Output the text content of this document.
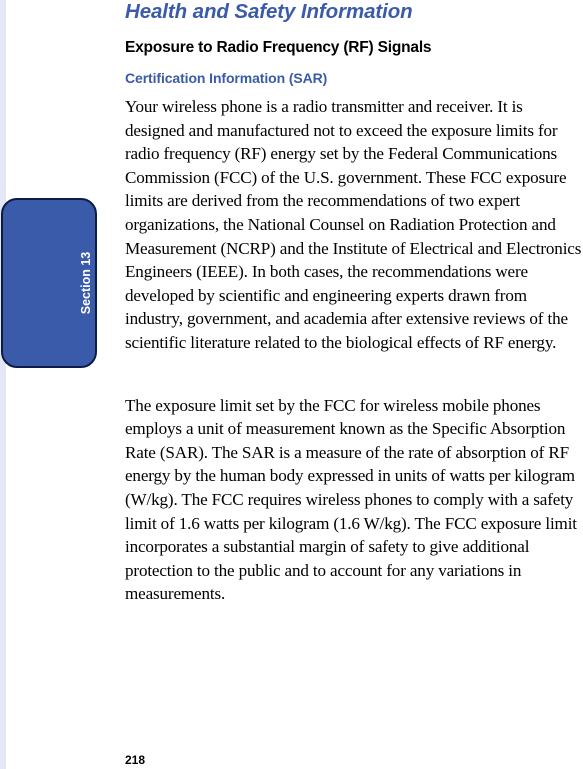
Section 13
Health and Safety Information
Exposure to Radio Frequency (RF) Signals
Certification Information (SAR)

Your wireless phone is a radio transmitter and receiver. It is designed and manufactured not to exceed the exposure limits for radio frequency (RF) energy set by the Federal Communications Commission (FCC) of the U.S. government. These FCC exposure limits are derived from the recommendations of two expert organizations, the National Counsel on Radiation Protection and Measurement (NCRP) and the Institute of Electrical and Electronics Engineers (IEEE). In both cases, the recommendations were developed by scientific and engineering experts drawn from industry, government, and academia after extensive reviews of the scientific literature related to the biological effects of RF energy.

The exposure limit set by the FCC for wireless mobile phones employs a unit of measurement known as the Specific Absorption Rate (SAR). The SAR is a measure of the rate of absorption of RF energy by the human body expressed in units of watts per kilogram (W/kg). The FCC requires wireless phones to comply with a safety limit of 1.6 watts per kilogram (1.6 W/kg). The FCC exposure limit incorporates a substantial margin of safety to give additional protection to the public and to account for any variations in measurements.

218
